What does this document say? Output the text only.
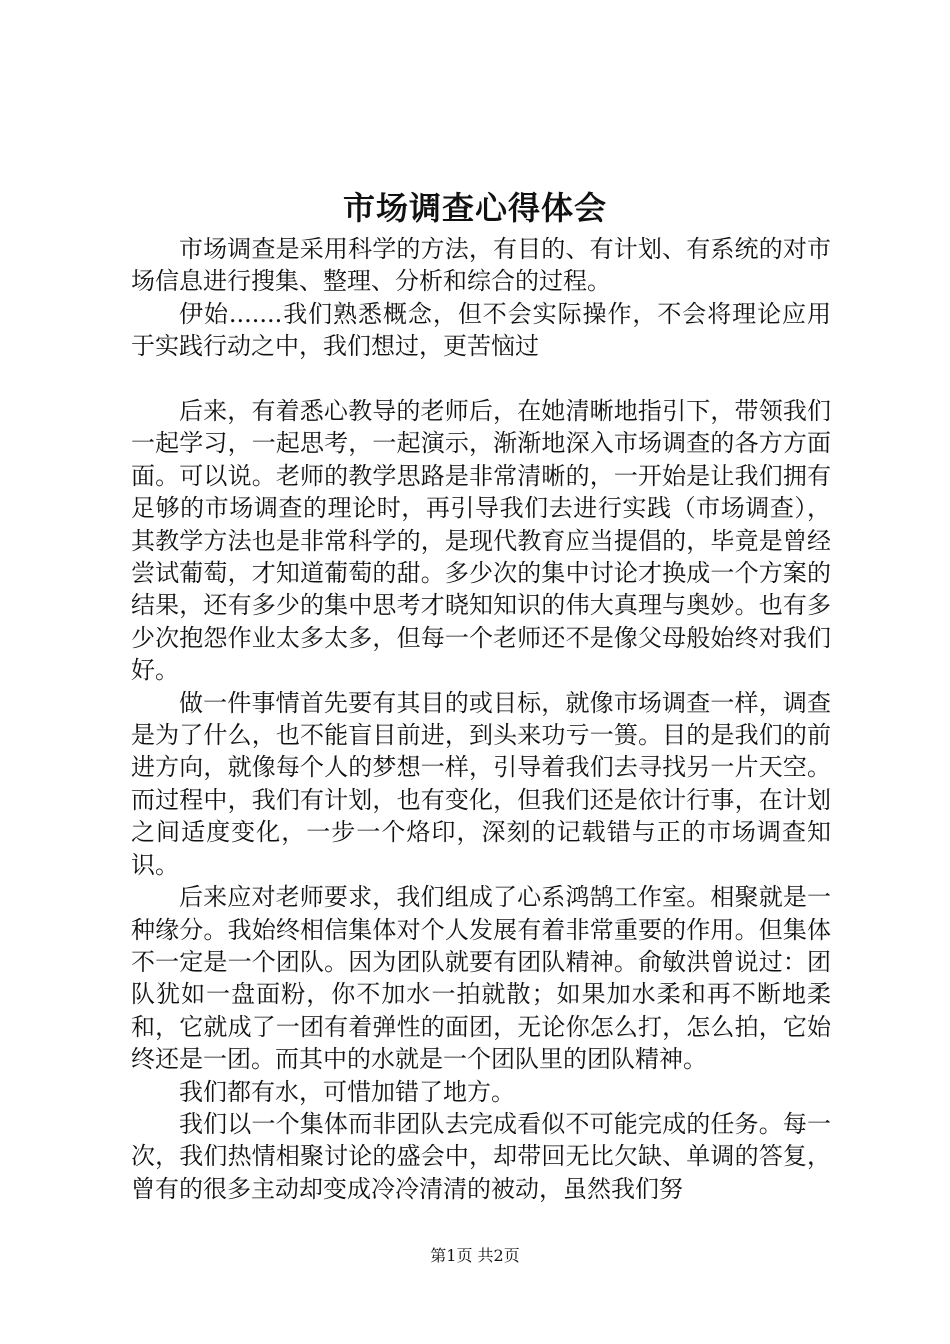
市场调查心得体会

市场调查是采用科学的方法，有目的、有计划、有系统的对市场信息进行搜集、整理、分析和综合的过程。

伊始.......我们熟悉概念，但不会实际操作，不会将理论应用于实践行动之中，我们想过，更苦恼过

后来，有着悉心教导的老师后，在她清晰地指引下，带领我们一起学习，一起思考，一起演示，渐渐地深入市场调查的各方方面面。可以说。老师的教学思路是非常清晰的，一开始是让我们拥有足够的市场调查的理论时，再引导我们去进行实践（市场调查），其教学方法也是非常科学的，是现代教育应当提倡的，毕竟是曾经尝试葡萄，才知道葡萄的甜。多少次的集中讨论才换成一个方案的结果，还有多少的集中思考才晓知知识的伟大真理与奥妙。也有多少次抱怨作业太多太多，但每一个老师还不是像父母般始终对我们好。

做一件事情首先要有其目的或目标，就像市场调查一样，调查是为了什么，也不能盲目前进，到头来功亏一篑。目的是我们的前进方向，就像每个人的梦想一样，引导着我们去寻找另一片天空。而过程中，我们有计划，也有变化，但我们还是依计行事，在计划之间适度变化，一步一个烙印，深刻的记载错与正的市场调查知识。

后来应对老师要求，我们组成了心系鸿鹄工作室。相聚就是一种缘分。我始终相信集体对个人发展有着非常重要的作用。但集体不一定是一个团队。因为团队就要有团队精神。俞敏洪曾说过：团队犹如一盘面粉，你不加水一拍就散；如果加水柔和再不断地柔和，它就成了一团有着弹性的面团，无论你怎么打，怎么拍，它始终还是一团。而其中的水就是一个团队里的团队精神。

我们都有水，可惜加错了地方。

我们以一个集体而非团队去完成看似不可能完成的任务。每一次，我们热情相聚讨论的盛会中，却带回无比欠缺、单调的答复，曾有的很多主动却变成冷冷清清的被动，虽然我们努

第1页 共2页
